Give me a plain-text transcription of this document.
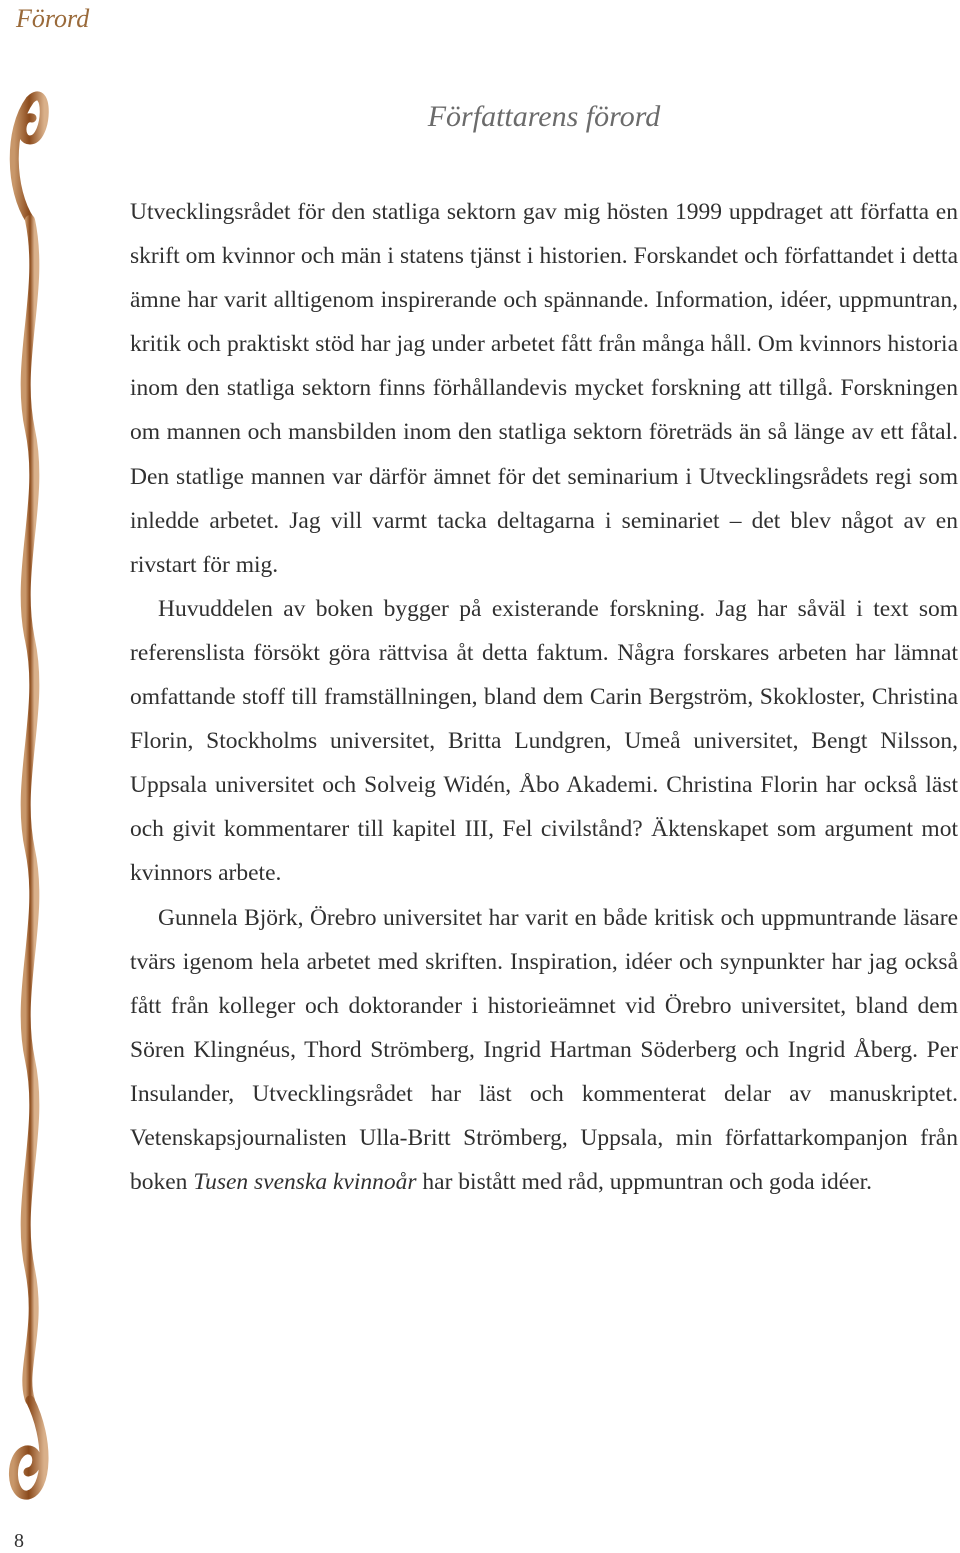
Förord
Författarens förord

Utvecklingsrådet för den statliga sektorn gav mig hösten 1999 uppdraget att författa en skrift om kvinnor och män i statens tjänst i historien. Forskandet och författandet i detta ämne har varit alltigenom inspirerande och spännande. Information, idéer, uppmuntran, kritik och praktiskt stöd har jag under arbetet fått från många håll. Om kvinnors historia inom den statliga sektorn finns förhållandevis mycket forskning att tillgå. Forskningen om mannen och mansbilden inom den statliga sektorn företräds än så länge av ett fåtal. Den statlige mannen var därför ämnet för det seminarium i Utvecklingsrådets regi som inledde arbetet. Jag vill varmt tacka deltagarna i seminariet – det blev något av en rivstart för mig.

Huvuddelen av boken bygger på existerande forskning. Jag har såväl i text som referenslista försökt göra rättvisa åt detta faktum. Några forskares arbeten har lämnat omfattande stoff till framställningen, bland dem Carin Bergström, Skokloster, Christina Florin, Stockholms universitet, Britta Lundgren, Umeå universitet, Bengt Nilsson, Uppsala universitet och Solveig Widén, Åbo Akademi. Christina Florin har också läst och givit kommentarer till kapitel III, Fel civilstånd? Äktenskapet som argument mot kvinnors arbete.

Gunnela Björk, Örebro universitet har varit en både kritisk och uppmuntrande läsare tvärs igenom hela arbetet med skriften. Inspiration, idéer och synpunkter har jag också fått från kolleger och doktorander i historieämnet vid Örebro universitet, bland dem Sören Klingnéus, Thord Strömberg, Ingrid Hartman Söderberg och Ingrid Åberg. Per Insulander, Utvecklingsrådet har läst och kommenterat delar av manuskriptet. Vetenskapsjournalisten Ulla-Britt Strömberg, Uppsala, min författarkompanjon från boken Tusen svenska kvinnoår har bistått med råd, uppmuntran och goda idéer.

8
